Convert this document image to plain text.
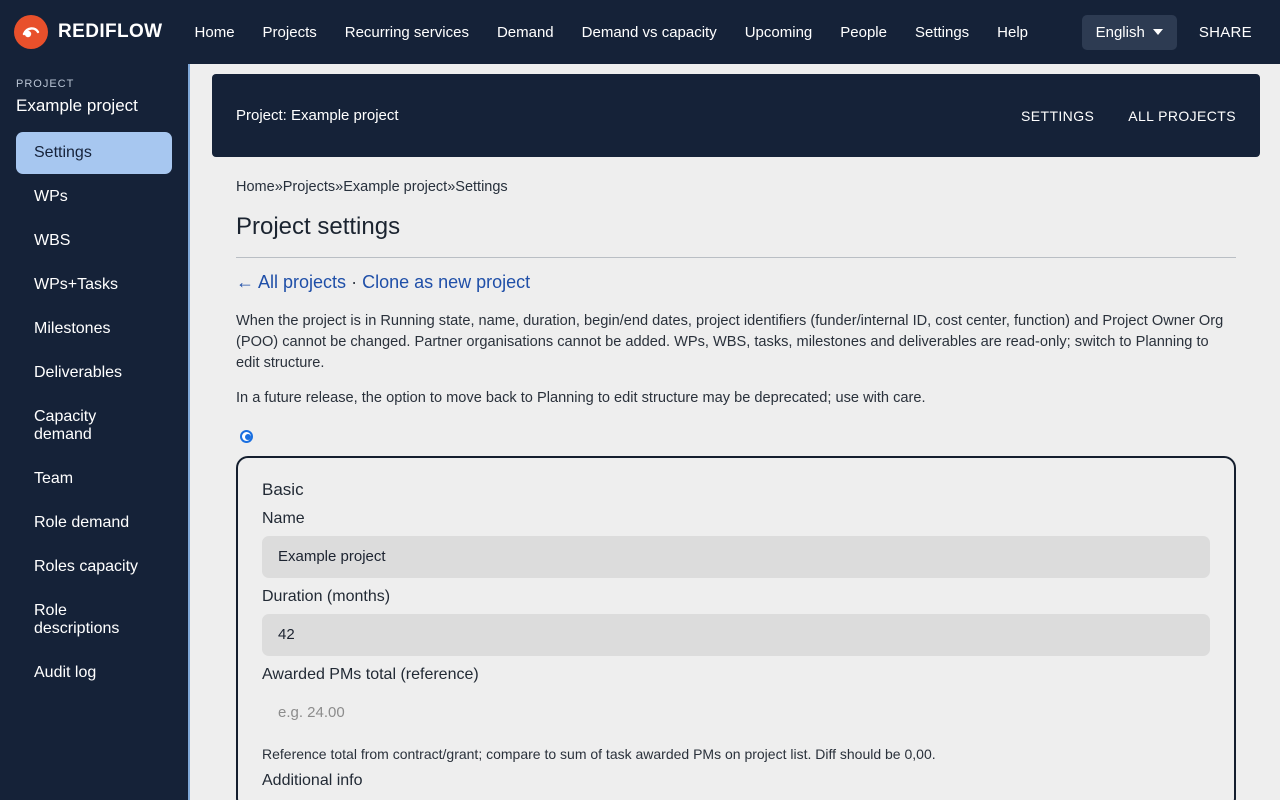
REDIFLOW	Home	Projects	Recurring services	Demand	Demand vs capacity	Upcoming	People	Settings	Help	English	SHARE
PROJECT
Example project
Settings
WPs
WBS
WPs+Tasks
Milestones
Deliverables
Capacity demand
Team
Role demand
Roles capacity
Role descriptions
Audit log
Project: Example project	SETTINGS ALL PROJECTS
Home»Projects»Example project»Settings
Project settings
← All projects · Clone as new project

When the project is in Running state, name, duration, begin/end dates, project identifiers (funder/internal ID, cost center, function) and Project Owner Org (POO) cannot be changed. Partner organisations cannot be added. WPs, WBS, tasks, milestones and deliverables are read-only; switch to Planning to edit structure.

In a future release, the option to move back to Planning to edit structure may be deprecated; use with care.

Basic
Name
Example project
Duration (months)
42
Awarded PMs total (reference)
e.g. 24.00
Reference total from contract/grant; compare to sum of task awarded PMs on project list. Diff should be 0,00.
Additional info
